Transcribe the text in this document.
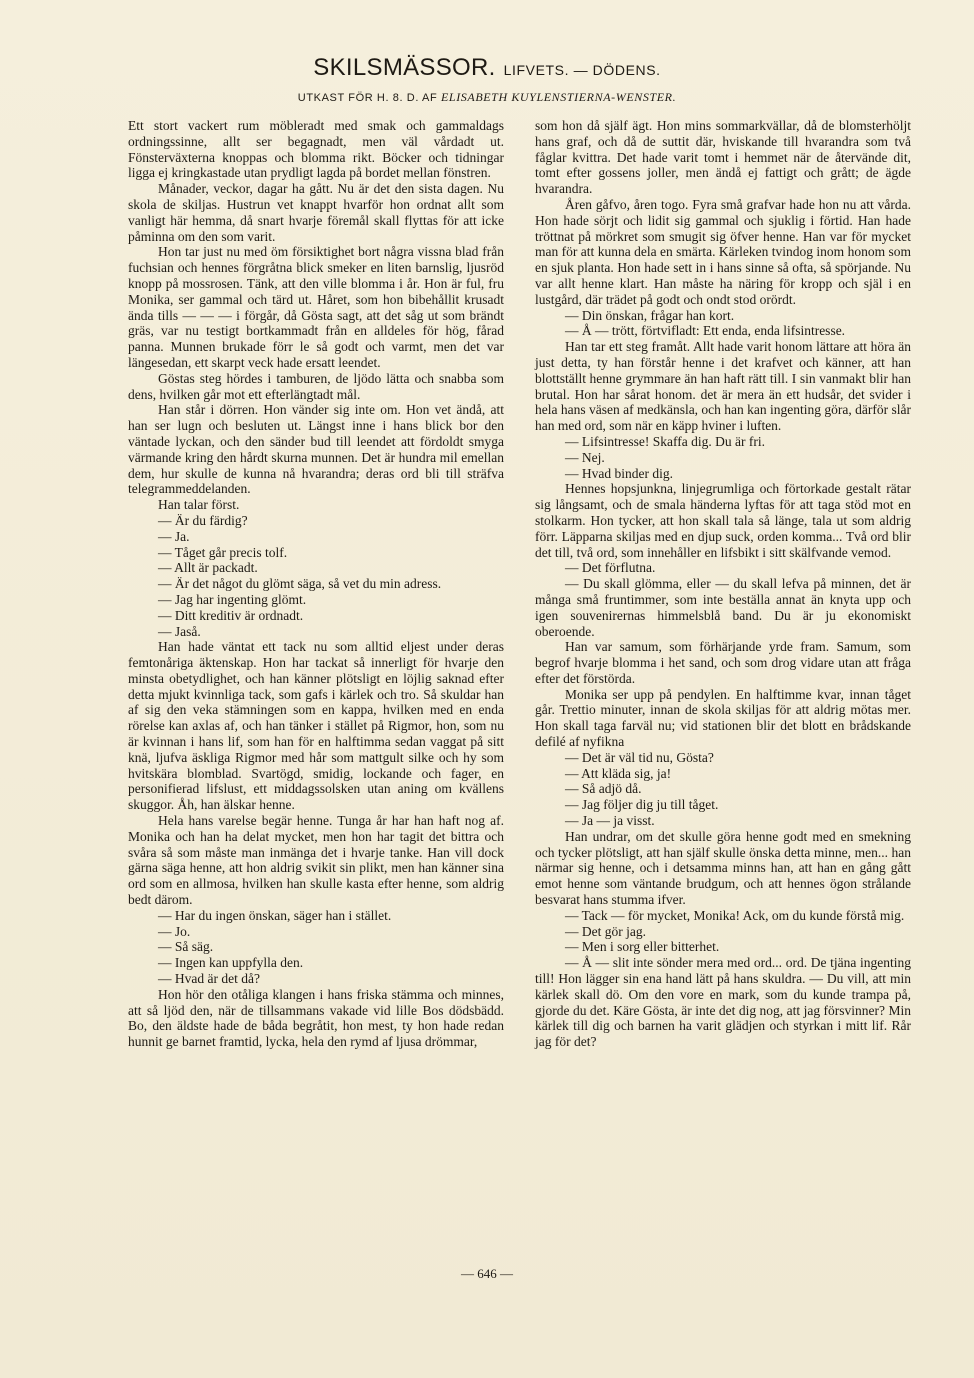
SKILSMÄSSOR. LIFVETS. — DÖDENS.
UTKAST FÖR H. 8. D. AF ELISABETH KUYLENSTIERNA-WENSTER.

Ett stort vackert rum möbleradt med smak och gammaldags ordningssinne, allt ser begagnadt, men väl vårdadt ut. Fönsterväxterna knoppas och blomma rikt. Böcker och tidningar ligga ej kringkastade utan prydligt lagda på bordet mellan fönstren.

Månader, veckor, dagar ha gått. Nu är det den sista dagen. Nu skola de skiljas. Hustrun vet knappt hvarför hon ordnat allt som vanligt här hemma, då snart hvarje föremål skall flyttas för att icke påminna om den som varit.

Hon tar just nu med öm försiktighet bort några vissna blad från fuchsian och hennes förgråtna blick smeker en liten barnslig, ljusröd knopp på mossrosen. Tänk, att den ville blomma i år. Hon är ful, fru Monika, ser gammal och tärd ut. Håret, som hon bibehållit krusadt ända tills — — — i förgår, då Gösta sagt, att det såg ut som brändt gräs, var nu testigt bortkammadt från en alldeles för hög, fårad panna. Munnen brukade förr le så godt och varmt, men det var längesedan, ett skarpt veck hade ersatt leendet.

Göstas steg hördes i tamburen, de ljödo lätta och snabba som dens, hvilken går mot ett efterlängtadt mål.

Han står i dörren. Hon vänder sig inte om. Hon vet ändå, att han ser lugn och besluten ut. Längst inne i hans blick bor den väntade lyckan, och den sänder bud till leendet att fördoldt smyga värmande kring den hårdt skurna munnen. Det är hundra mil emellan dem, hur skulle de kunna nå hvarandra; deras ord bli till sträfva telegrammeddelanden.

Han talar först.

— Är du färdig?

— Ja.

— Tåget går precis tolf.

— Allt är packadt.

— Är det något du glömt säga, så vet du min adress.

— Jag har ingenting glömt.

— Ditt kreditiv är ordnadt.

— Jaså.

Han hade väntat ett tack nu som alltid eljest under deras femtonåriga äktenskap. Hon har tackat så innerligt för hvarje den minsta obetydlighet, och han känner plötsligt en löjlig saknad efter detta mjukt kvinnliga tack, som gafs i kärlek och tro. Så skuldar han af sig den veka stämningen som en kappa, hvilken med en enda rörelse kan axlas af, och han tänker i stället på Rigmor, hon, som nu är kvinnan i hans lif, som han för en halftimma sedan vaggat på sitt knä, ljufva äskliga Rigmor med hår som mattgult silke och hy som hvitskära blomblad. Svartögd, smidig, lockande och fager, en personifierad lifslust, ett middagssolsken utan aning om kvällens skuggor. Åh, han älskar henne.

Hela hans varelse begär henne. Tunga år har han haft nog af. Monika och han ha delat mycket, men hon har tagit det bittra och svåra så som måste man inmänga det i hvarje tanke. Han vill dock gärna säga henne, att hon aldrig svikit sin plikt, men han känner sina ord som en allmosa, hvilken han skulle kasta efter henne, som aldrig bedt därom.

— Har du ingen önskan, säger han i stället.

— Jo.

— Så säg.

— Ingen kan uppfylla den.

— Hvad är det då?

Hon hör den otåliga klangen i hans friska stämma och minnes, att så ljöd den, när de tillsammans vakade vid lille Bos dödsbädd. Bo, den äldste hade de båda begråtit, hon mest, ty hon hade redan hunnit ge barnet framtid, lycka, hela den rymd af ljusa drömmar,

som hon då själf ägt. Hon mins sommarkvällar, då de blomsterhöljt hans graf, och då de suttit där, hviskande till hvarandra som två fåglar kvittra. Det hade varit tomt i hemmet när de återvände dit, tomt efter gossens joller, men ändå ej fattigt och grått; de ägde hvarandra.

Åren gåfvo, åren togo. Fyra små grafvar hade hon nu att vårda. Hon hade sörjt och lidit sig gammal och sjuklig i förtid. Han hade tröttnat på mörkret som smugit sig öfver henne. Han var för mycket man för att kunna dela en smärta. Kärleken tvindog inom honom som en sjuk planta. Hon hade sett in i hans sinne så ofta, så spörjande. Nu var allt henne klart. Han måste ha näring för kropp och själ i en lustgård, där trädet på godt och ondt stod orördt.

— Din önskan, frågar han kort.

— Å — trött, förtvifladt: Ett enda, enda lifsintresse.

Han tar ett steg framåt. Allt hade varit honom lättare att höra än just detta, ty han förstår henne i det krafvet och känner, att han blottställt henne grymmare än han haft rätt till. I sin vanmakt blir han brutal. Hon har sårat honom. det är mera än ett hudsår, det svider i hela hans väsen af medkänsla, och han kan ingenting göra, därför slår han med ord, som när en käpp hviner i luften.

— Lifsintresse! Skaffa dig. Du är fri.

— Nej.

— Hvad binder dig.

Hennes hopsjunkna, linjegrumliga och förtorkade gestalt rätar sig långsamt, och de smala händerna lyftas för att taga stöd mot en stolkarm. Hon tycker, att hon skall tala så länge, tala ut som aldrig förr. Läpparna skiljas med en djup suck, orden komma... Två ord blir det till, två ord, som innehåller en lifsbikt i sitt skälfvande vemod.

— Det förflutna.

— Du skall glömma, eller — du skall lefva på minnen, det är många små fruntimmer, som inte beställa annat än knyta upp och igen souvenirernas himmelsblå band. Du är ju ekonomiskt oberoende.

Han var samum, som förhärjande yrde fram. Samum, som begrof hvarje blomma i het sand, och som drog vidare utan att fråga efter det förstörda.

Monika ser upp på pendylen. En halftimme kvar, innan tåget går. Trettio minuter, innan de skola skiljas för att aldrig mötas mer. Hon skall taga farväl nu; vid stationen blir det blott en brådskande defilé af nyfikna

— Det är väl tid nu, Gösta?

— Att kläda sig, ja!

— Så adjö då.

— Jag följer dig ju till tåget.

— Ja — ja visst.

Han undrar, om det skulle göra henne godt med en smekning och tycker plötsligt, att han själf skulle önska detta minne, men... han närmar sig henne, och i detsamma minns han, att han en gång gått emot henne som väntande brudgum, och att hennes ögon strålande besvarat hans stumma ifver.

— Tack — för mycket, Monika! Ack, om du kunde förstå mig.

— Det gör jag.

— Men i sorg eller bitterhet.

— Å — slit inte sönder mera med ord... ord. De tjäna ingenting till! Hon lägger sin ena hand lätt på hans skuldra. — Du vill, att min kärlek skall dö. Om den vore en mark, som du kunde trampa på, gjorde du det. Käre Gösta, är inte det dig nog, att jag försvinner? Min kärlek till dig och barnen ha varit glädjen och styrkan i mitt lif. Rår jag för det?

— 646 —
